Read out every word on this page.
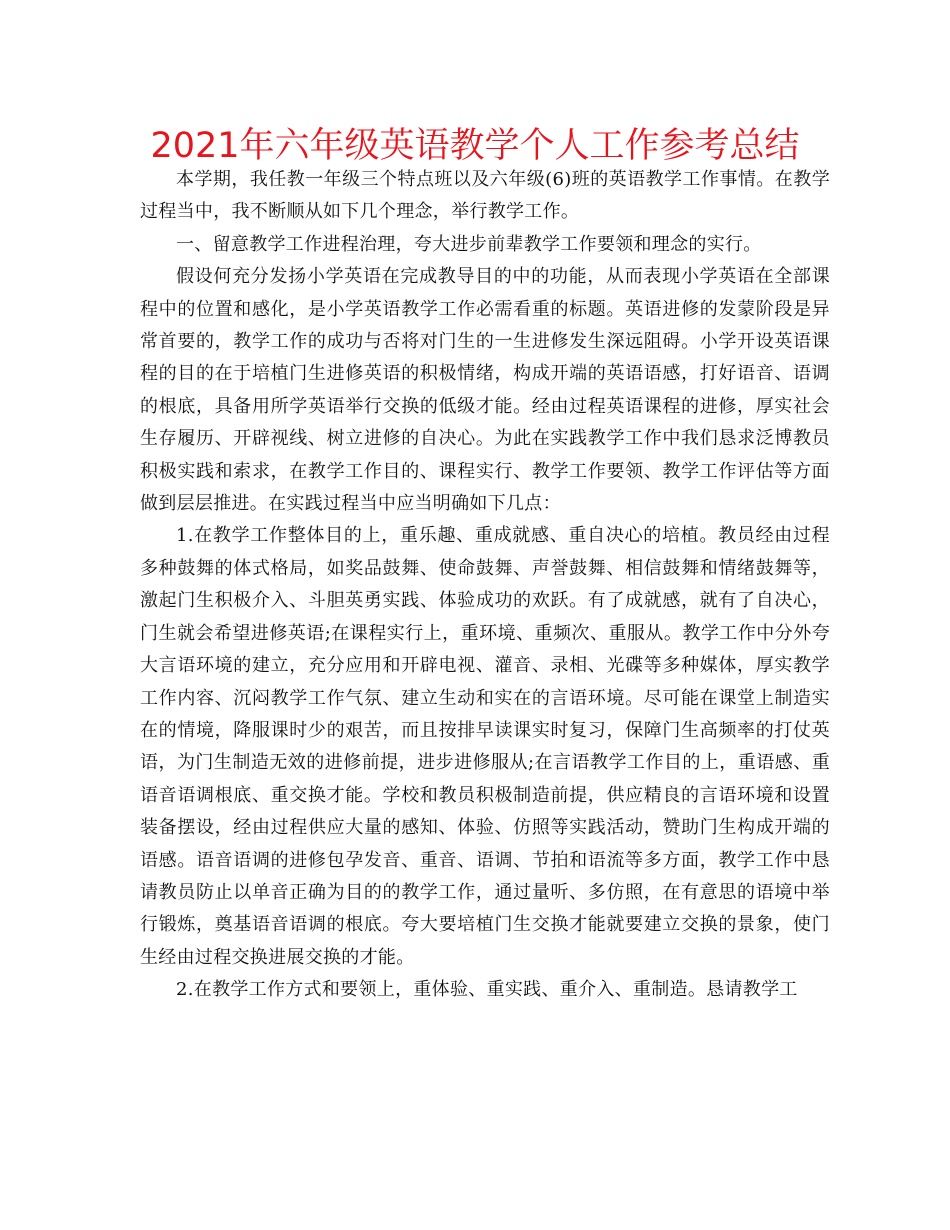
2021年六年级英语教学个人工作参考总结

本学期，我任教一年级三个特点班以及六年级(6)班的英语教学工作事情。在教学过程当中，我不断顺从如下几个理念，举行教学工作。

一、留意教学工作进程治理，夸大进步前辈教学工作要领和理念的实行。

假设何充分发扬小学英语在完成教导目的中的功能，从而表现小学英语在全部课程中的位置和感化，是小学英语教学工作必需看重的标题。英语进修的发蒙阶段是异常首要的，教学工作的成功与否将对门生的一生进修发生深远阻碍。小学开设英语课程的目的在于培植门生进修英语的积极情绪，构成开端的英语语感，打好语音、语调的根底，具备用所学英语举行交换的低级才能。经由过程英语课程的进修，厚实社会生存履历、开辟视线、树立进修的自决心。为此在实践教学工作中我们恳求泛博教员积极实践和索求，在教学工作目的、课程实行、教学工作要领、教学工作评估等方面做到层层推进。在实践过程当中应当明确如下几点：

1.在教学工作整体目的上，重乐趣、重成就感、重自决心的培植。教员经由过程多种鼓舞的体式格局，如奖品鼓舞、使命鼓舞、声誉鼓舞、相信鼓舞和情绪鼓舞等，激起门生积极介入、斗胆英勇实践、体验成功的欢跃。有了成就感，就有了自决心，门生就会希望进修英语;在课程实行上，重环境、重频次、重服从。教学工作中分外夸大言语环境的建立，充分应用和开辟电视、灌音、录相、光碟等多种媒体，厚实教学工作内容、沉闷教学工作气氛、建立生动和实在的言语环境。尽可能在课堂上制造实在的情境，降服课时少的艰苦，而且按排早读课实时复习，保障门生高频率的打仗英语，为门生制造无效的进修前提，进步进修服从;在言语教学工作目的上，重语感、重语音语调根底、重交换才能。学校和教员积极制造前提，供应精良的言语环境和设置装备摆设，经由过程供应大量的感知、体验、仿照等实践活动，赞助门生构成开端的语感。语音语调的进修包孕发音、重音、语调、节拍和语流等多方面，教学工作中恳请教员防止以单音正确为目的的教学工作，通过量听、多仿照，在有意思的语境中举行锻炼，奠基语音语调的根底。夸大要培植门生交换才能就要建立交换的景象，使门生经由过程交换进展交换的才能。

2.在教学工作方式和要领上，重体验、重实践、重介入、重制造。恳请教学工
